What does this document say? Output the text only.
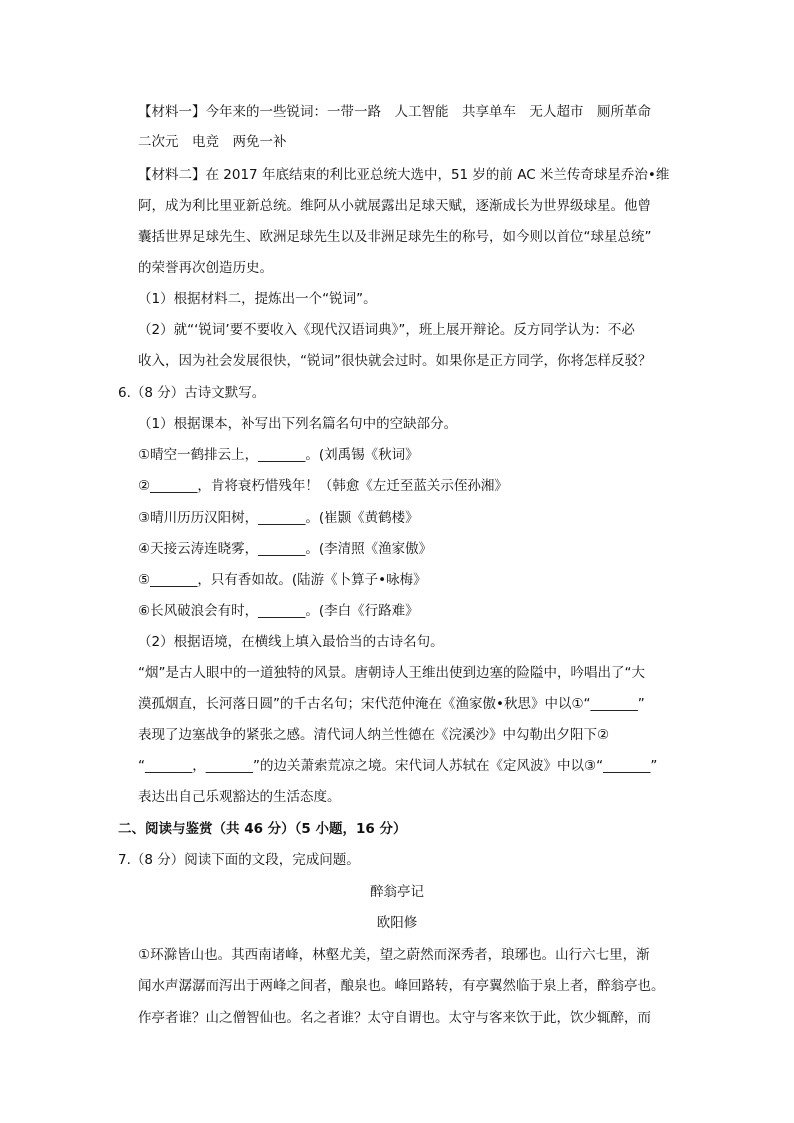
【材料一】今年来的一些锐词：一带一路　人工智能　共享单车　无人超市　厕所革命
二次元　电竞　两免一补
【材料二】在 2017 年底结束的利比亚总统大选中，51 岁的前 AC 米兰传奇球星乔治•维
阿，成为利比里亚新总统。维阿从小就展露出足球天赋，逐渐成长为世界级球星。他曾
囊括世界足球先生、欧洲足球先生以及非洲足球先生的称号，如今则以首位“球星总统”
的荣誉再次创造历史。
（1）根据材料二，提炼出一个“锐词”。
（2）就“‘锐词’要不要收入《现代汉语词典》”，班上展开辩论。反方同学认为：不必
收入，因为社会发展很快，“锐词”很快就会过时。如果你是正方同学，你将怎样反驳？
6.（8 分）古诗文默写。
（1）根据课本，补写出下列名篇名句中的空缺部分。
①晴空一鹤排云上，_______。(刘禹锡《秋词》
②_______，肯将衰朽惜残年！（韩愈《左迁至蓝关示侄孙湘》
③晴川历历汉阳树，_______。(崔颢《黄鹤楼》
④天接云涛连晓雾，_______。(李清照《渔家傲》
⑤_______，只有香如故。(陆游《卜算子•咏梅》
⑥长风破浪会有时，_______。(李白《行路难》
（2）根据语境，在横线上填入最恰当的古诗名句。
“烟”是古人眼中的一道独特的风景。唐朝诗人王维出使到边塞的险隘中，吟唱出了“大
漠孤烟直，长河落日圆”的千古名句；宋代范仲淹在《渔家傲•秋思》中以①“_______”
表现了边塞战争的紧张之感。清代词人纳兰性德在《浣溪沙》中勾勒出夕阳下②
“_______，_______”的边关萧索荒凉之境。宋代词人苏轼在《定风波》中以③“_______”
表达出自己乐观豁达的生活态度。
二、阅读与鉴赏（共 46 分）（5 小题，16 分）
7.（8 分）阅读下面的文段，完成问题。
醉翁亭记
欧阳修
①环滁皆山也。其西南诸峰，林壑尤美，望之蔚然而深秀者，琅琊也。山行六七里，渐
闻水声潺潺而泻出于两峰之间者，酿泉也。峰回路转，有亭翼然临于泉上者，醉翁亭也。
作亭者谁？山之僧智仙也。名之者谁？太守自谓也。太守与客来饮于此，饮少辄醉，而
